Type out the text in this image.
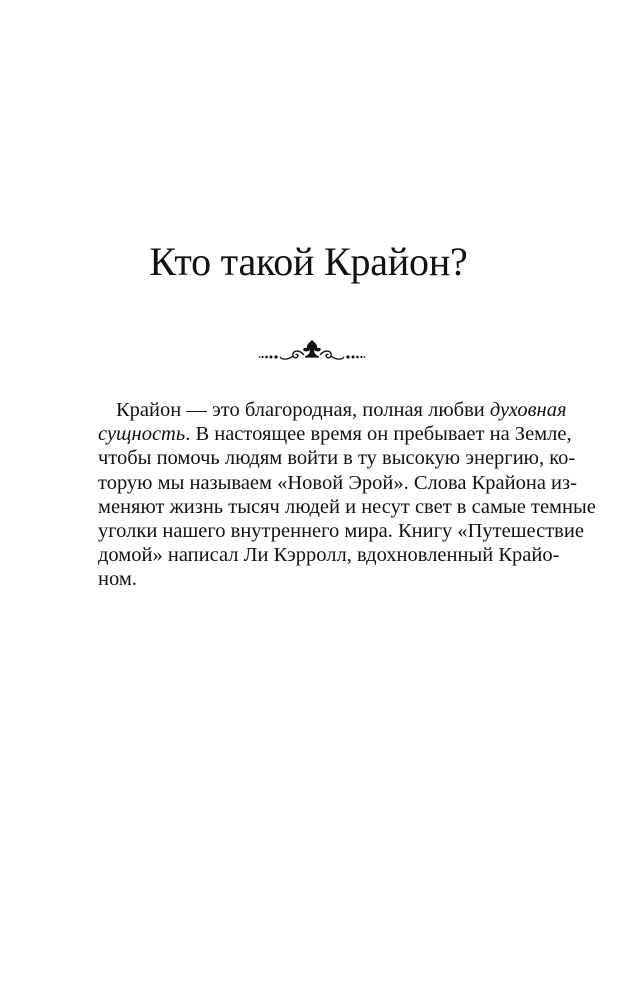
Кто такой Крайон?
Крайон — это благородная, полная любви духовная
сущность. В настоящее время он пребывает на Земле,
чтобы помочь людям войти в ту высокую энергию, ко-
торую мы называем «Новой Эрой». Слова Крайона из-
меняют жизнь тысяч людей и несут свет в самые темные
уголки нашего внутреннего мира. Книгу «Путешествие
домой» написал Ли Кэрролл, вдохновленный Крайо-
ном.
